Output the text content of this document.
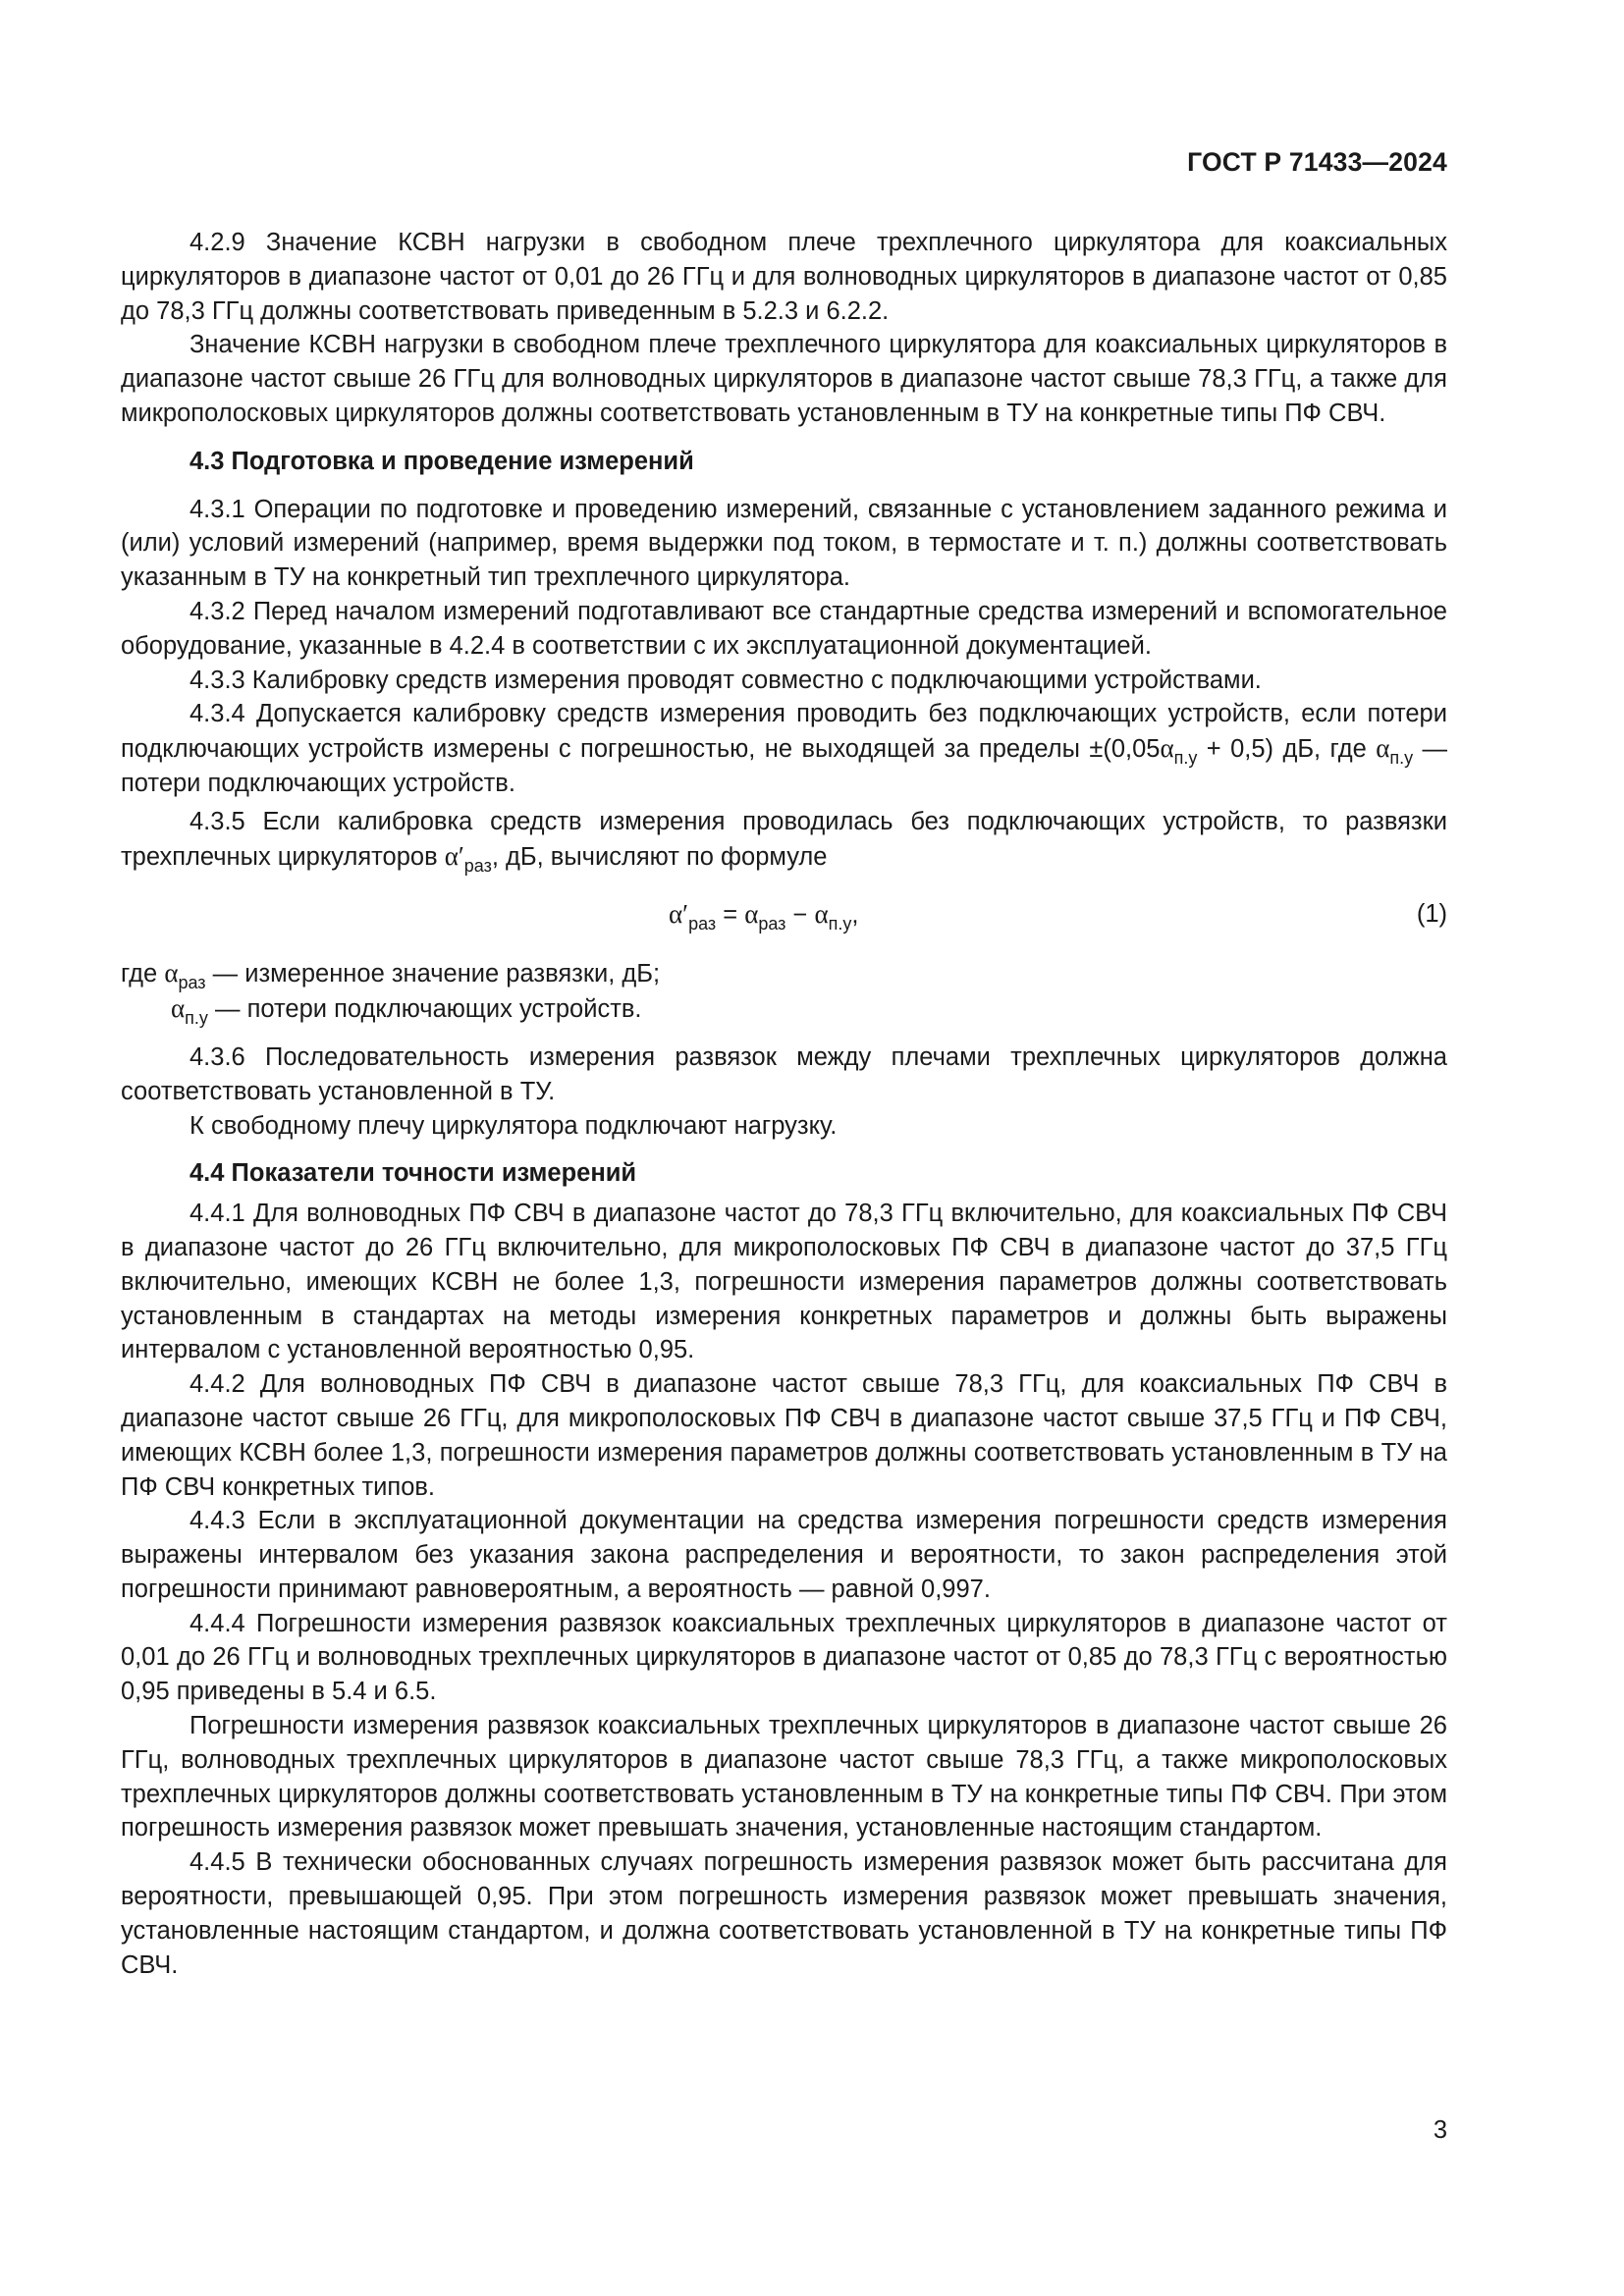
ГОСТ Р 71433—2024

4.2.9 Значение КСВН нагрузки в свободном плече трехплечного циркулятора для коаксиальных циркуляторов в диапазоне частот от 0,01 до 26 ГГц и для волноводных циркуляторов в диапазоне частот от 0,85 до 78,3 ГГц должны соответствовать приведенным в 5.2.3 и 6.2.2.

Значение КСВН нагрузки в свободном плече трехплечного циркулятора для коаксиальных циркуляторов в диапазоне частот свыше 26 ГГц для волноводных циркуляторов в диапазоне частот свыше 78,3 ГГц, а также для микрополосковых циркуляторов должны соответствовать установленным в ТУ на конкретные типы ПФ СВЧ.

4.3 Подготовка и проведение измерений

4.3.1 Операции по подготовке и проведению измерений, связанные с установлением заданного режима и (или) условий измерений (например, время выдержки под током, в термостате и т. п.) должны соответствовать указанным в ТУ на конкретный тип трехплечного циркулятора.

4.3.2 Перед началом измерений подготавливают все стандартные средства измерений и вспомогательное оборудование, указанные в 4.2.4 в соответствии с их эксплуатационной документацией.

4.3.3 Калибровку средств измерения проводят совместно с подключающими устройствами.

4.3.4 Допускается калибровку средств измерения проводить без подключающих устройств, если потери подключающих устройств измерены с погрешностью, не выходящей за пределы $\pm(0,05\alpha_{п.у} + 0,5)$ дБ, где $\alpha_{п.у}$ — потери подключающих устройств.

4.3.5 Если калибровка средств измерения проводилась без подключающих устройств, то развязки трехплечных циркуляторов $\alpha'_{раз}$, дБ, вычисляют по формуле

$\alpha'_{раз} = \alpha_{раз} - \alpha_{п.у}$,	(1)

где $\alpha_{раз}$ — измеренное значение развязки, дБ;

$\alpha_{п.у}$ — потери подключающих устройств.

4.3.6 Последовательность измерения развязок между плечами трехплечных циркуляторов должна соответствовать установленной в ТУ.

К свободному плечу циркулятора подключают нагрузку.

4.4 Показатели точности измерений

4.4.1 Для волноводных ПФ СВЧ в диапазоне частот до 78,3 ГГц включительно, для коаксиальных ПФ СВЧ в диапазоне частот до 26 ГГц включительно, для микрополосковых ПФ СВЧ в диапазоне частот до 37,5 ГГц включительно, имеющих КСВН не более 1,3, погрешности измерения параметров должны соответствовать установленным в стандартах на методы измерения конкретных параметров и должны быть выражены интервалом с установленной вероятностью 0,95.

4.4.2 Для волноводных ПФ СВЧ в диапазоне частот свыше 78,3 ГГц, для коаксиальных ПФ СВЧ в диапазоне частот свыше 26 ГГц, для микрополосковых ПФ СВЧ в диапазоне частот свыше 37,5 ГГц и ПФ СВЧ, имеющих КСВН более 1,3, погрешности измерения параметров должны соответствовать установленным в ТУ на ПФ СВЧ конкретных типов.

4.4.3 Если в эксплуатационной документации на средства измерения погрешности средств измерения выражены интервалом без указания закона распределения и вероятности, то закон распределения этой погрешности принимают равновероятным, а вероятность — равной 0,997.

4.4.4 Погрешности измерения развязок коаксиальных трехплечных циркуляторов в диапазоне частот от 0,01 до 26 ГГц и волноводных трехплечных циркуляторов в диапазоне частот от 0,85 до 78,3 ГГц с вероятностью 0,95 приведены в 5.4 и 6.5.

Погрешности измерения развязок коаксиальных трехплечных циркуляторов в диапазоне частот свыше 26 ГГц, волноводных трехплечных циркуляторов в диапазоне частот свыше 78,3 ГГц, а также микрополосковых трехплечных циркуляторов должны соответствовать установленным в ТУ на конкретные типы ПФ СВЧ. При этом погрешность измерения развязок может превышать значения, установленные настоящим стандартом.

4.4.5 В технически обоснованных случаях погрешность измерения развязок может быть рассчитана для вероятности, превышающей 0,95. При этом погрешность измерения развязок может превышать значения, установленные настоящим стандартом, и должна соответствовать установленной в ТУ на конкретные типы ПФ СВЧ.

3
